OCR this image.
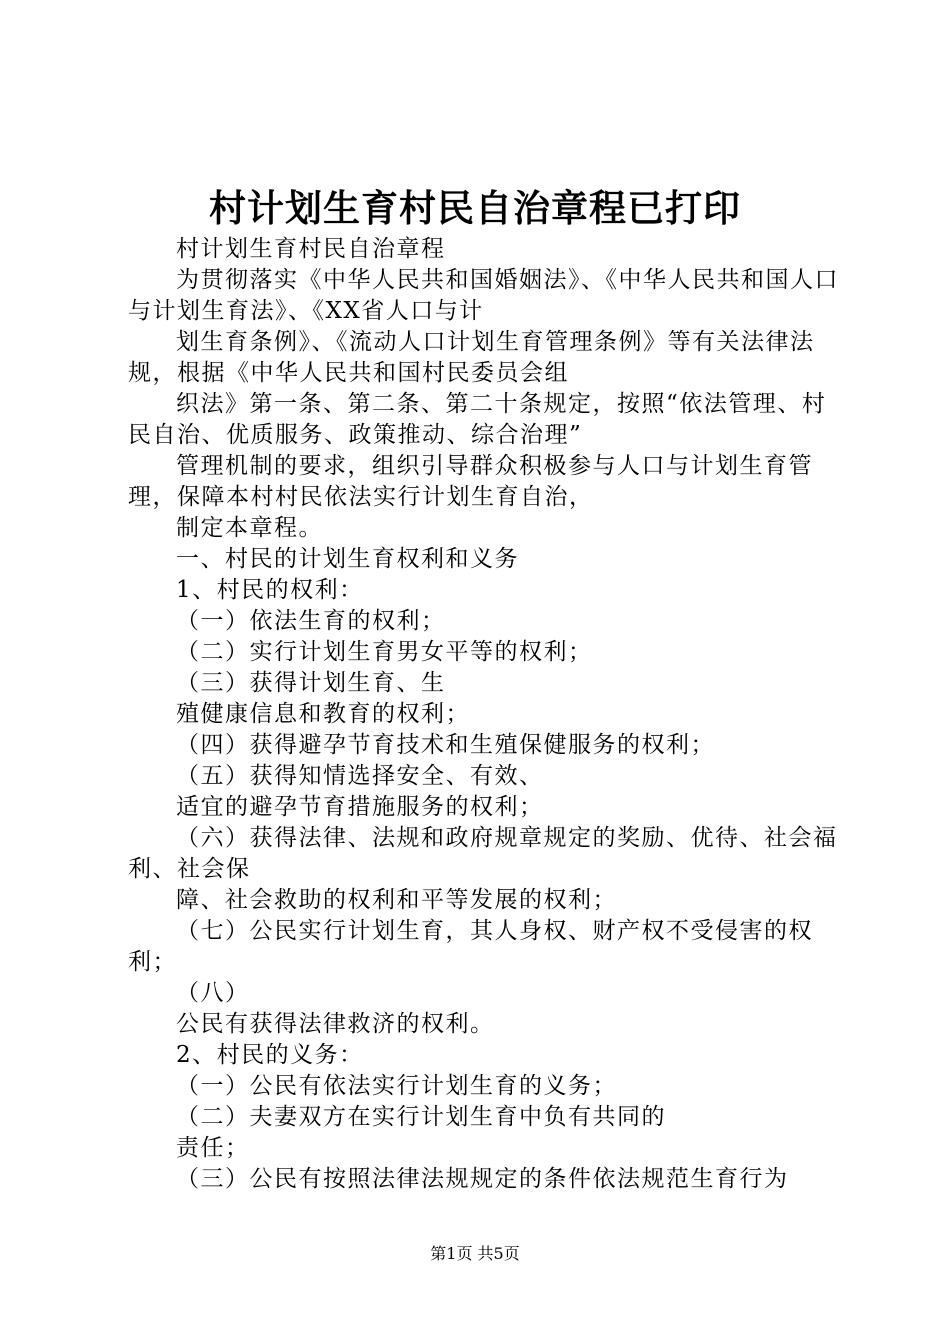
村计划生育村民自治章程已打印

村计划生育村民自治章程

为贯彻落实《中华人民共和国婚姻法》、《中华人民共和国人口与计划生育法》、《XX省人口与计

划生育条例》、《流动人口计划生育管理条例》等有关法律法规，根据《中华人民共和国村民委员会组

织法》第一条、第二条、第二十条规定，按照“依法管理、村民自治、优质服务、政策推动、综合治理”

管理机制的要求，组织引导群众积极参与人口与计划生育管理，保障本村村民依法实行计划生育自治，

制定本章程。

一、村民的计划生育权利和义务

1、村民的权利：

（一）依法生育的权利；

（二）实行计划生育男女平等的权利；

（三）获得计划生育、生

殖健康信息和教育的权利；

（四）获得避孕节育技术和生殖保健服务的权利；

（五）获得知情选择安全、有效、

适宜的避孕节育措施服务的权利；

（六）获得法律、法规和政府规章规定的奖励、优待、社会福利、社会保

障、社会救助的权利和平等发展的权利；

（七）公民实行计划生育，其人身权、财产权不受侵害的权利；

（八）

公民有获得法律救济的权利。

2、村民的义务：

（一）公民有依法实行计划生育的义务；

（二）夫妻双方在实行计划生育中负有共同的

责任；

（三）公民有按照法律法规规定的条件依法规范生育行为

第1页 共5页
